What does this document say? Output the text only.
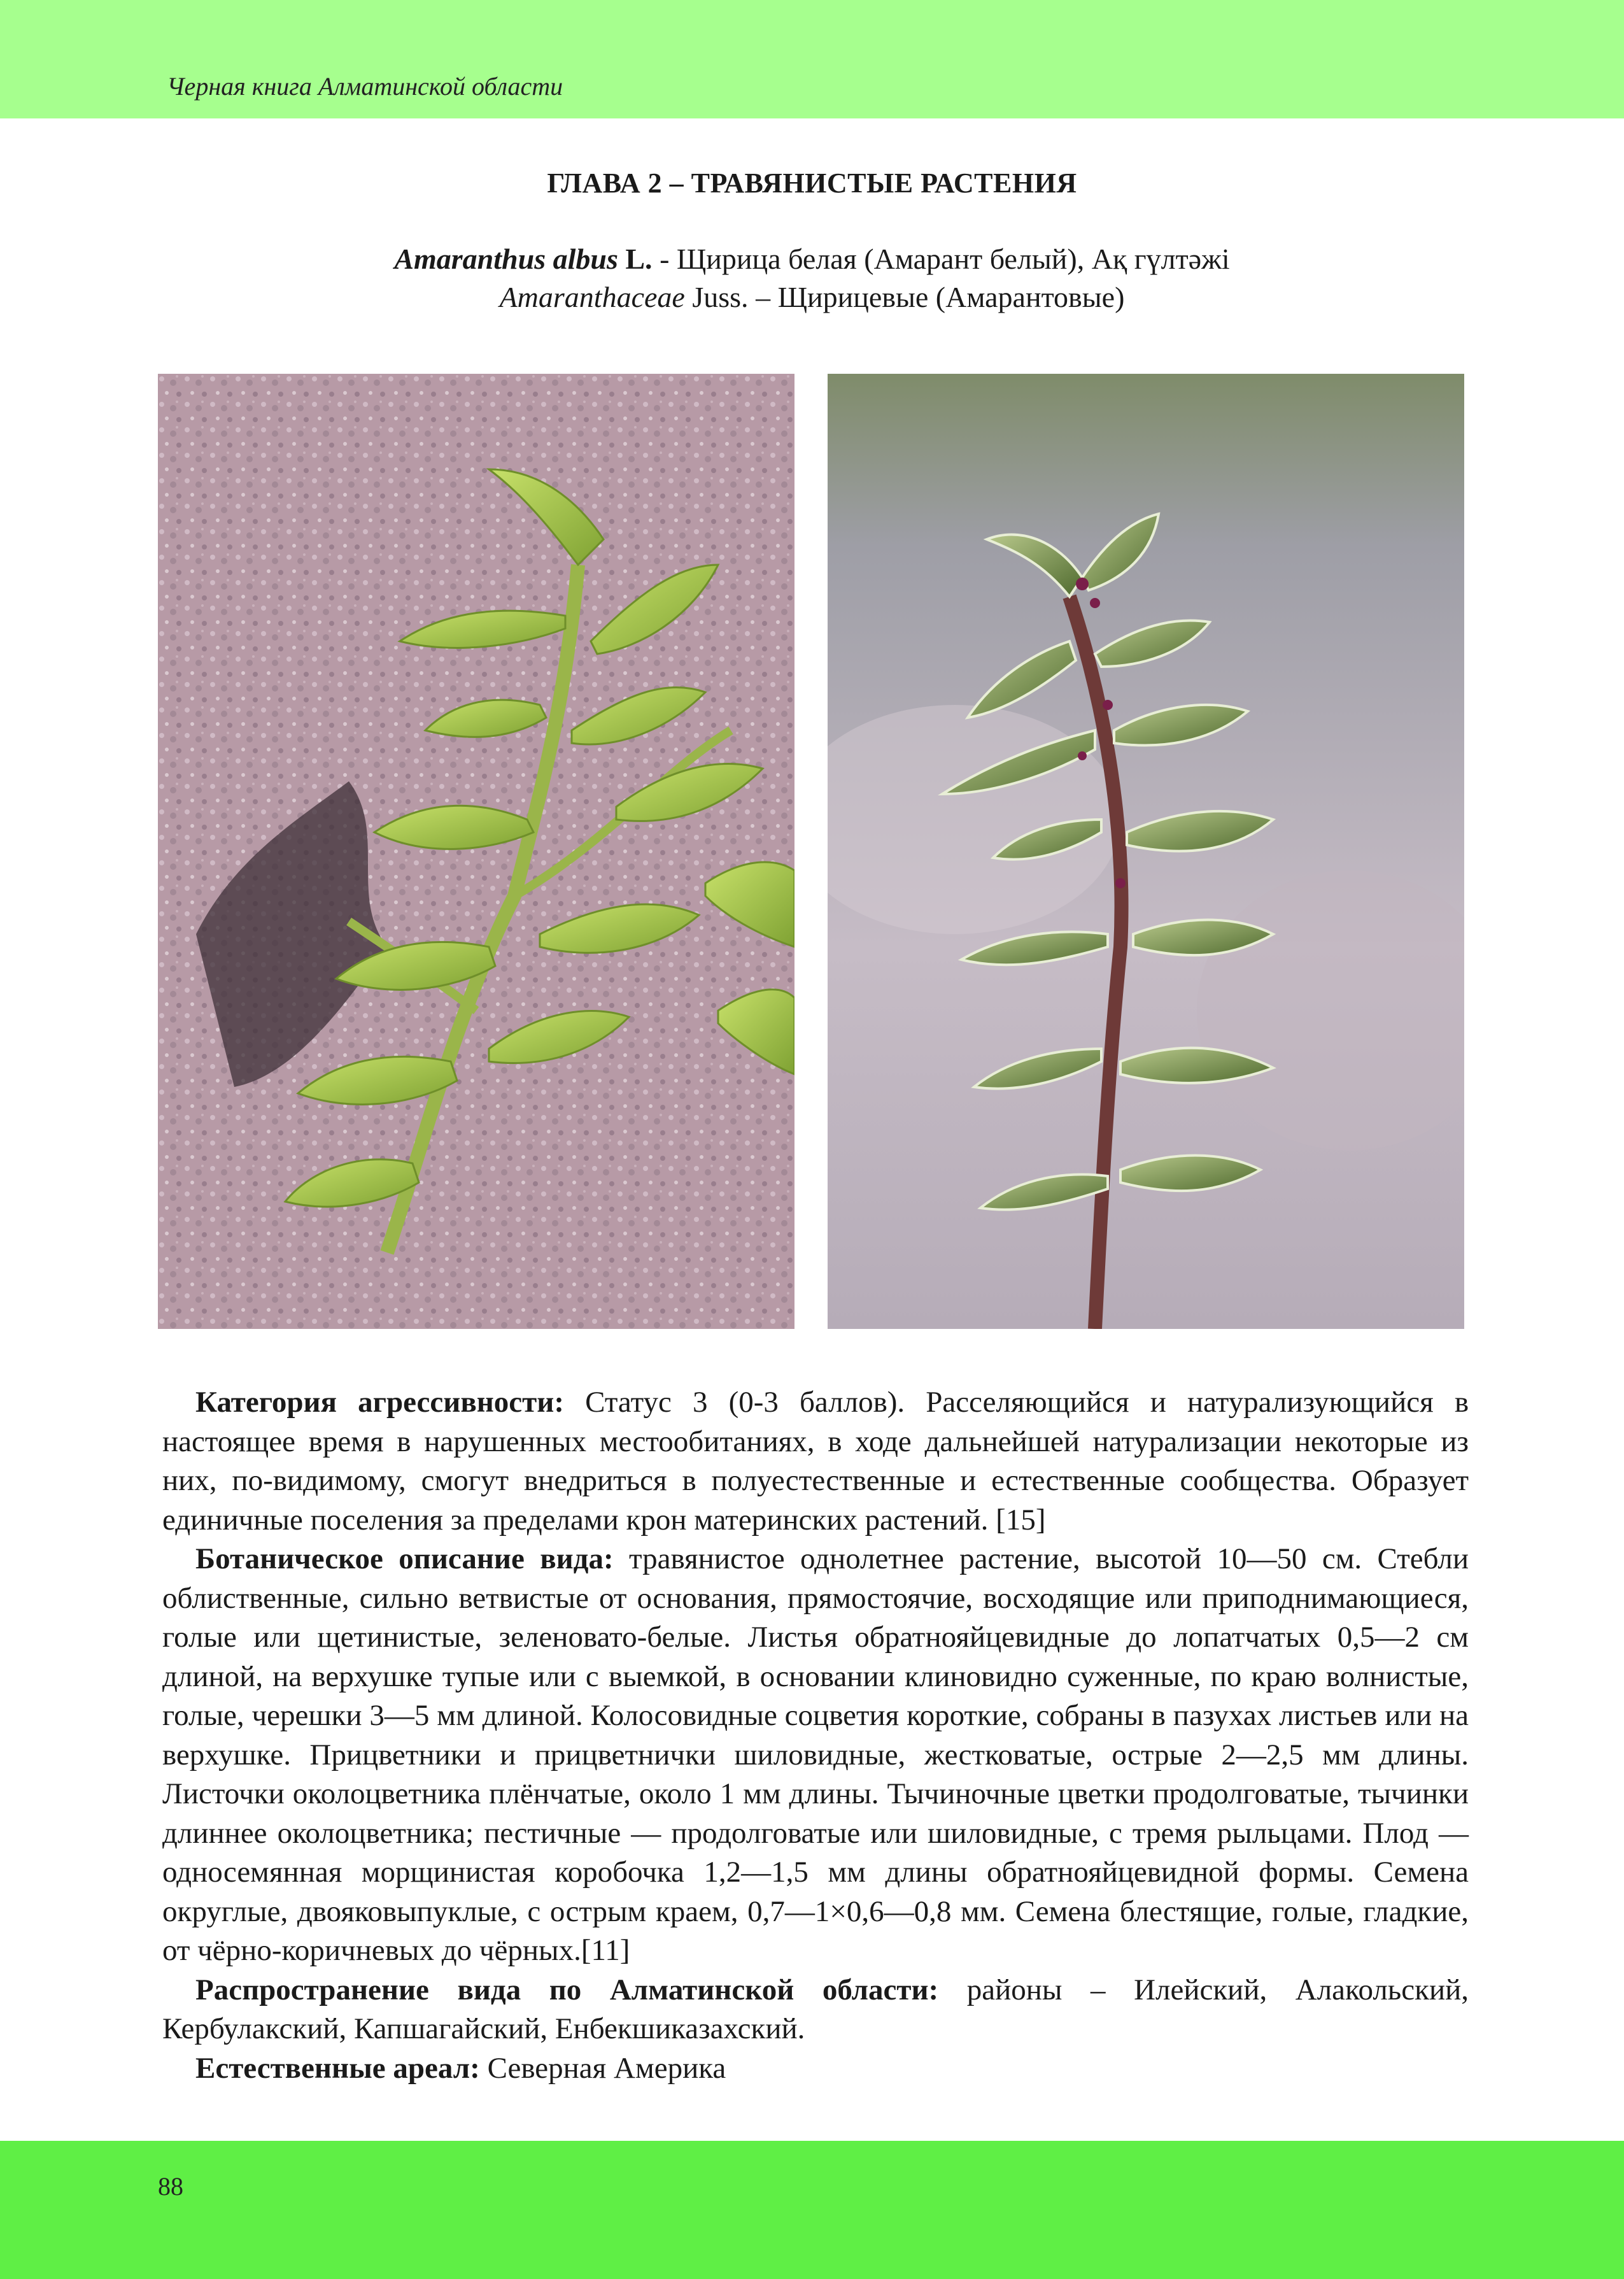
Черная книга Алматинской области
ГЛАВА 2 – ТРАВЯНИСТЫЕ РАСТЕНИЯ
Amaranthus albus L. - Щирица белая (Амарант белый), Ақ гүлтәжі
Amaranthaceae Juss. – Щирицевые (Амарантовые)

Категория агрессивности: Статус 3 (0-3 баллов). Расселяющийся и натурализующийся в настоящее время в нарушенных местообитаниях, в ходе дальнейшей натурализации некоторые из них, по-видимому, смогут внедриться в полуестественные и естественные сообщества. Образует единичные поселения за пределами крон материнских растений. [15]

Ботаническое описание вида: травянистое однолетнее растение, высотой 10—50 см. Стебли облиственные, сильно ветвистые от основания, прямостоячие, восходящие или приподнимающиеся, голые или щетинистые, зеленовато-белые. Листья обратнояйцевидные до лопатчатых 0,5—2 см длиной, на верхушке тупые или с выемкой, в основании клиновидно суженные, по краю волнистые, голые, черешки 3—5 мм длиной. Колосовидные соцветия короткие, собраны в пазухах листьев или на верхушке. Прицветники и прицветнички шиловидные, жестковатые, острые 2—2,5 мм длины. Листочки околоцветника плёнчатые, около 1 мм длины. Тычиночные цветки продолговатые, тычинки длиннее околоцветника; пестичные — продолговатые или шиловидные, с тремя рыльцами. Плод — односемянная морщинистая коробочка 1,2—1,5 мм длины обратнояйцевидной формы. Семена округлые, двояковыпуклые, с острым краем, 0,7—1×0,6—0,8 мм. Семена блестящие, голые, гладкие, от чёрно-коричневых до чёрных.[11]

Распространение вида по Алматинской области: районы – Илейский, Алакольский, Кербулакский, Капшагайский, Енбекшиказахский.

Естественные ареал: Северная Америка

88
